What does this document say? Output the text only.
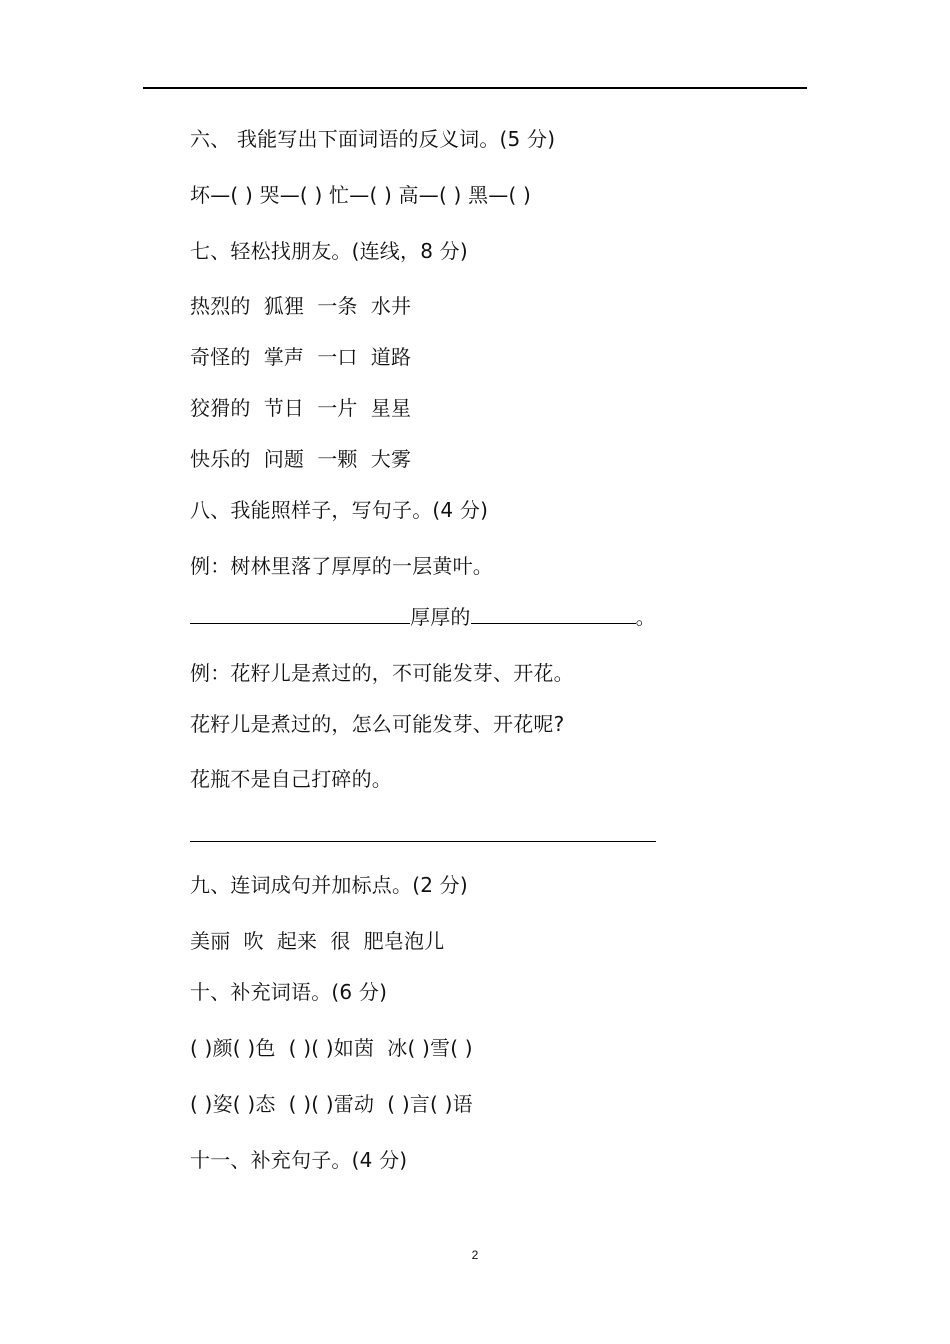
六、 我能写出下面词语的反义词。(5 分)
坏—( ) 哭—( ) 忙—( ) 高—( ) 黑—( )
七、轻松找朋友。(连线，8 分)
热烈的  狐狸  一条  水井
奇怪的  掌声  一口  道路
狡猾的  节日  一片  星星
快乐的  问题  一颗  大雾
八、我能照样子，写句子。(4 分)
例：树林里落了厚厚的一层黄叶。
厚厚的	。
例：花籽儿是煮过的，不可能发芽、开花。
花籽儿是煮过的，怎么可能发芽、开花呢?
花瓶不是自己打碎的。
九、连词成句并加标点。(2 分)
美丽  吹  起来  很  肥皂泡儿
十、补充词语。(6 分)
( )颜( )色  ( )( )如茵  冰( )雪( )
( )姿( )态  ( )( )雷动  ( )言( )语
十一、补充句子。(4 分)
2
